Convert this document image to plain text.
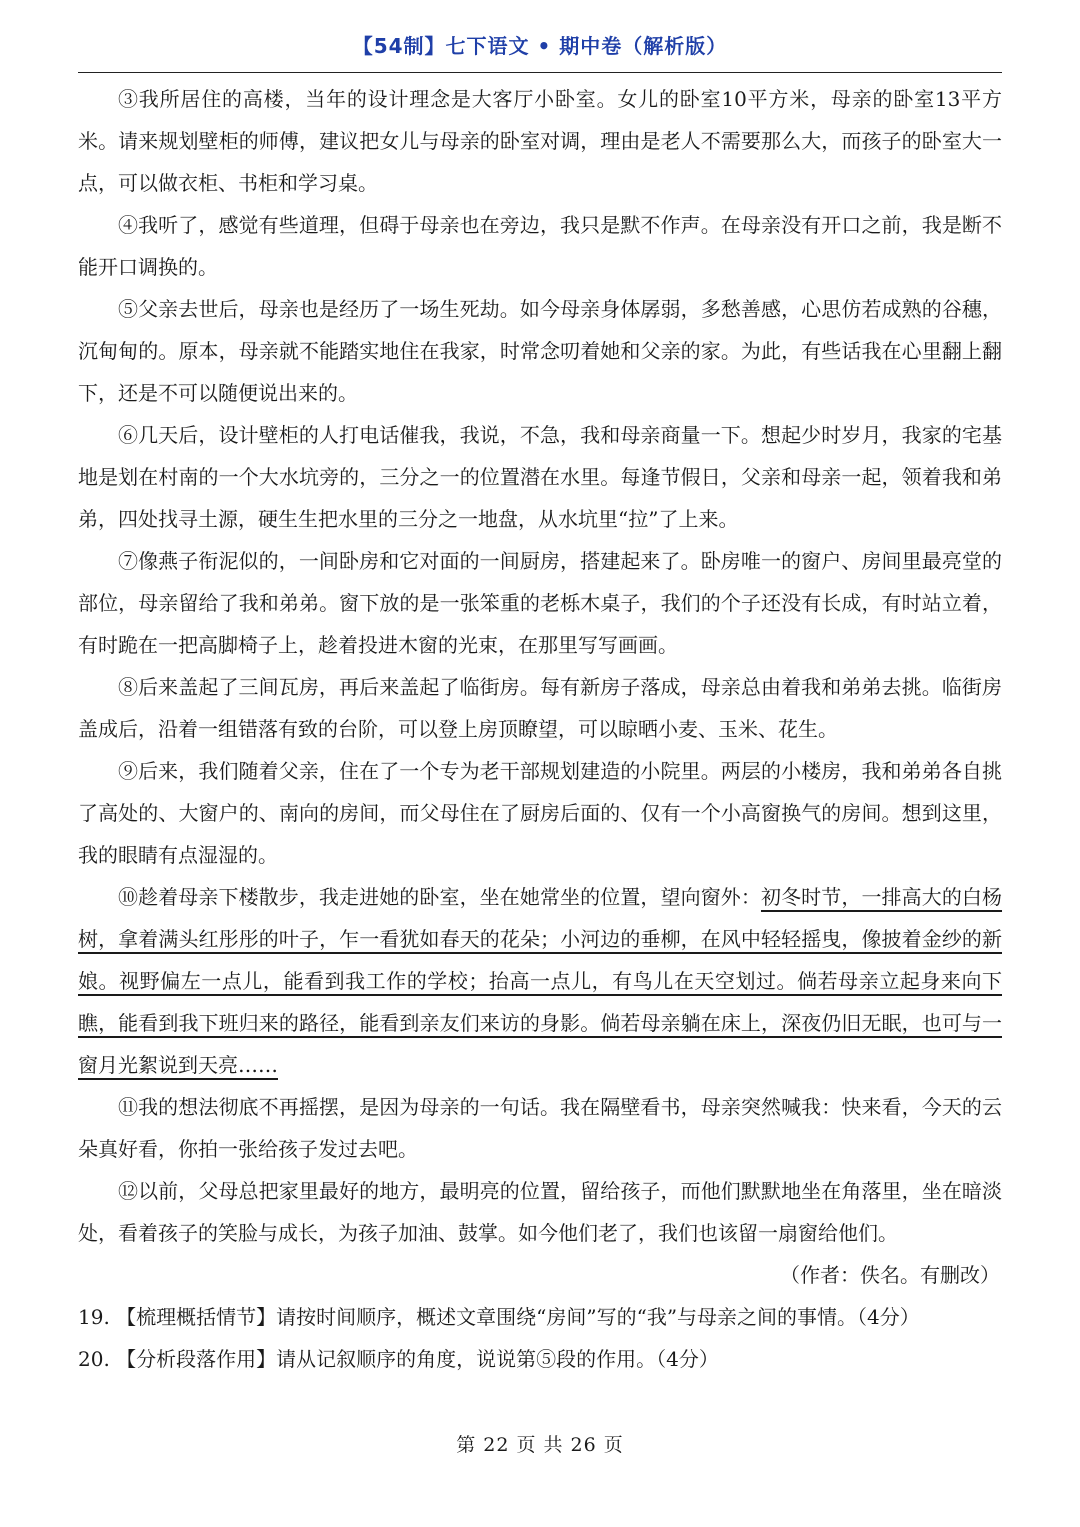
【54制】七下语文 • 期中卷（解析版）

③我所居住的高楼，当年的设计理念是大客厅小卧室。女儿的卧室10平方米，母亲的卧室13平方米。请来规划壁柜的师傅，建议把女儿与母亲的卧室对调，理由是老人不需要那么大，而孩子的卧室大一点，可以做衣柜、书柜和学习桌。

④我听了，感觉有些道理，但碍于母亲也在旁边，我只是默不作声。在母亲没有开口之前，我是断不能开口调换的。

⑤父亲去世后，母亲也是经历了一场生死劫。如今母亲身体孱弱，多愁善感，心思仿若成熟的谷穗，沉甸甸的。原本，母亲就不能踏实地住在我家，时常念叨着她和父亲的家。为此，有些话我在心里翻上翻下，还是不可以随便说出来的。

⑥几天后，设计壁柜的人打电话催我，我说，不急，我和母亲商量一下。想起少时岁月，我家的宅基地是划在村南的一个大水坑旁的，三分之一的位置潜在水里。每逢节假日，父亲和母亲一起，领着我和弟弟，四处找寻土源，硬生生把水里的三分之一地盘，从水坑里“拉”了上来。

⑦像燕子衔泥似的，一间卧房和它对面的一间厨房，搭建起来了。卧房唯一的窗户、房间里最亮堂的部位，母亲留给了我和弟弟。窗下放的是一张笨重的老栎木桌子，我们的个子还没有长成，有时站立着，有时跪在一把高脚椅子上，趁着投进木窗的光束，在那里写写画画。

⑧后来盖起了三间瓦房，再后来盖起了临街房。每有新房子落成，母亲总由着我和弟弟去挑。临街房盖成后，沿着一组错落有致的台阶，可以登上房顶瞭望，可以晾晒小麦、玉米、花生。

⑨后来，我们随着父亲，住在了一个专为老干部规划建造的小院里。两层的小楼房，我和弟弟各自挑了高处的、大窗户的、南向的房间，而父母住在了厨房后面的、仅有一个小高窗换气的房间。想到这里，我的眼睛有点湿湿的。

⑩趁着母亲下楼散步，我走进她的卧室，坐在她常坐的位置，望向窗外：初冬时节，一排高大的白杨树，拿着满头红彤彤的叶子，乍一看犹如春天的花朵；小河边的垂柳，在风中轻轻摇曳，像披着金纱的新娘。视野偏左一点儿，能看到我工作的学校；抬高一点儿，有鸟儿在天空划过。倘若母亲立起身来向下瞧，能看到我下班归来的路径，能看到亲友们来访的身影。倘若母亲躺在床上，深夜仍旧无眠，也可与一窗月光絮说到天亮……

⑪我的想法彻底不再摇摆，是因为母亲的一句话。我在隔壁看书，母亲突然喊我：快来看，今天的云朵真好看，你拍一张给孩子发过去吧。

⑫以前，父母总把家里最好的地方，最明亮的位置，留给孩子，而他们默默地坐在角落里，坐在暗淡处，看着孩子的笑脸与成长，为孩子加油、鼓掌。如今他们老了，我们也该留一扇窗给他们。

（作者：佚名。有删改）

19. 【梳理概括情节】请按时间顺序，概述文章围绕“房间”写的“我”与母亲之间的事情。（4分）

20. 【分析段落作用】请从记叙顺序的角度，说说第⑤段的作用。（4分）

第 22 页 共 26 页
